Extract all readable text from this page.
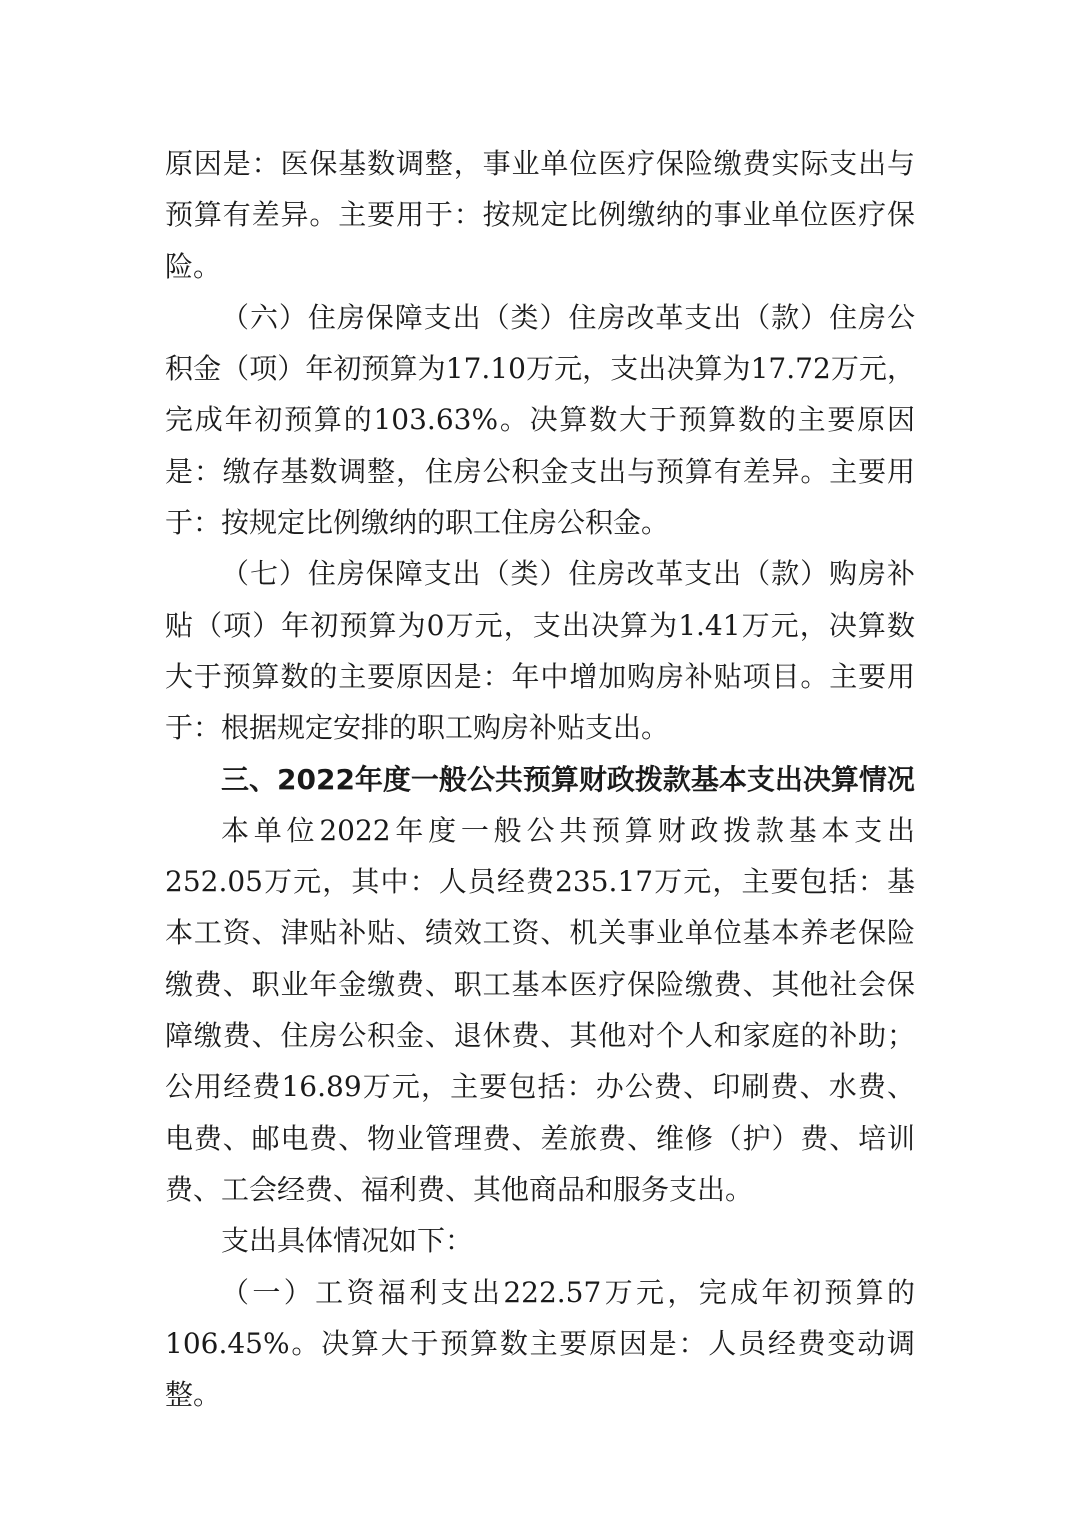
原因是：医保基数调整，事业单位医疗保险缴费实际支出与预算有差异。主要用于：按规定比例缴纳的事业单位医疗保险。

（六）住房保障支出（类）住房改革支出（款）住房公积金（项）年初预算为17.10万元，支出决算为17.72万元，完成年初预算的103.63%。决算数大于预算数的主要原因是：缴存基数调整，住房公积金支出与预算有差异。主要用于：按规定比例缴纳的职工住房公积金。

（七）住房保障支出（类）住房改革支出（款）购房补贴（项）年初预算为0万元，支出决算为1.41万元，决算数大于预算数的主要原因是：年中增加购房补贴项目。主要用于：根据规定安排的职工购房补贴支出。

三、2022年度一般公共预算财政拨款基本支出决算情况

本单位2022年度一般公共预算财政拨款基本支出252.05万元，其中：人员经费235.17万元，主要包括：基本工资、津贴补贴、绩效工资、机关事业单位基本养老保险缴费、职业年金缴费、职工基本医疗保险缴费、其他社会保障缴费、住房公积金、退休费、其他对个人和家庭的补助；公用经费16.89万元，主要包括：办公费、印刷费、水费、电费、邮电费、物业管理费、差旅费、维修（护）费、培训费、工会经费、福利费、其他商品和服务支出。

支出具体情况如下：

（一）工资福利支出222.57万元，完成年初预算的106.45%。决算大于预算数主要原因是：人员经费变动调整。
